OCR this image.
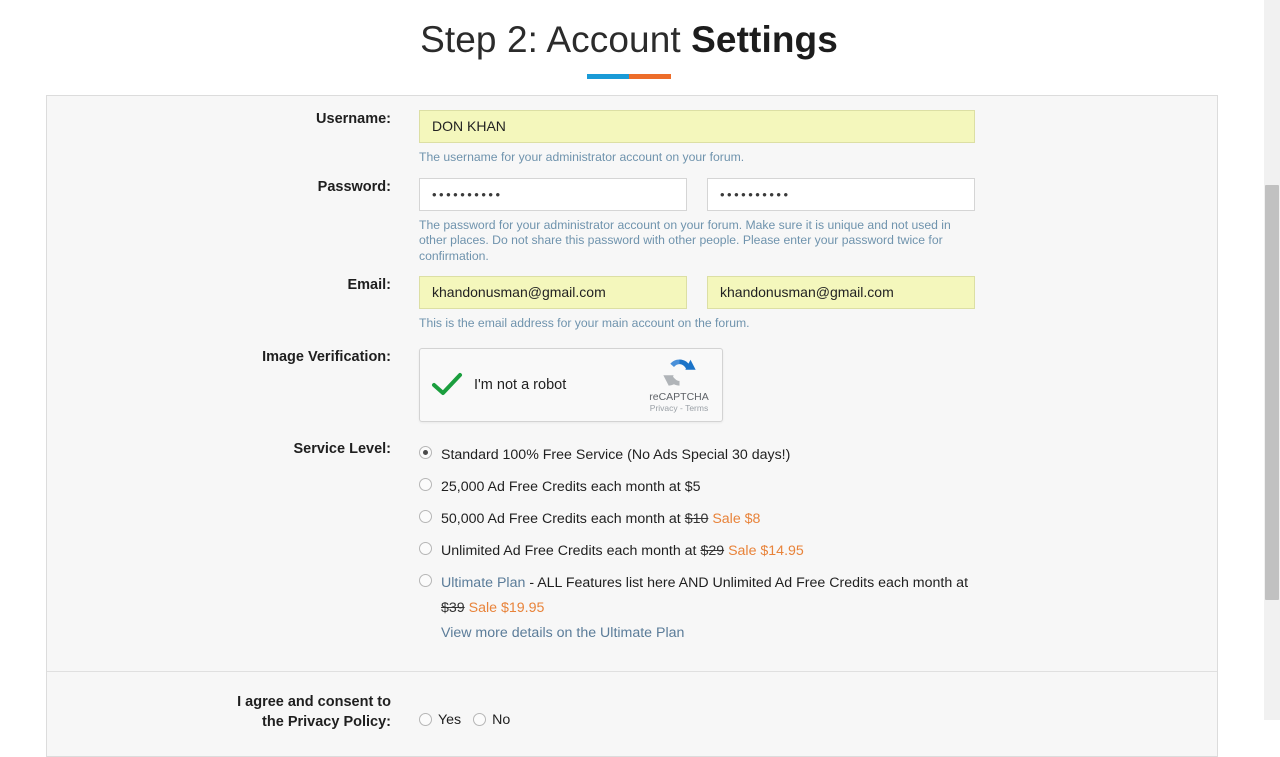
Step 2: Account Settings
Username:	DON KHAN
The username for your administrator account on your forum.
Password:	••••••••••	••••••••••
The password for your administrator account on your forum. Make sure it is unique and not used in other places. Do not share this password with other people. Please enter your password twice for confirmation.
Email:	khandonusman@gmail.com	khandonusman@gmail.com
This is the email address for your main account on the forum.
Image Verification:
I'm not a robot
reCAPTCHA
Privacy - Terms
Service Level:	Standard 100% Free Service (No Ads Special 30 days!)
25,000 Ad Free Credits each month at $5
50,000 Ad Free Credits each month at $10 Sale $8
Unlimited Ad Free Credits each month at $29 Sale $14.95
Ultimate Plan - ALL Features list here AND Unlimited Ad Free Credits each month at $39 Sale $19.95
View more details on the Ultimate Plan
I agree and consent to
the Privacy Policy:	Yes No
